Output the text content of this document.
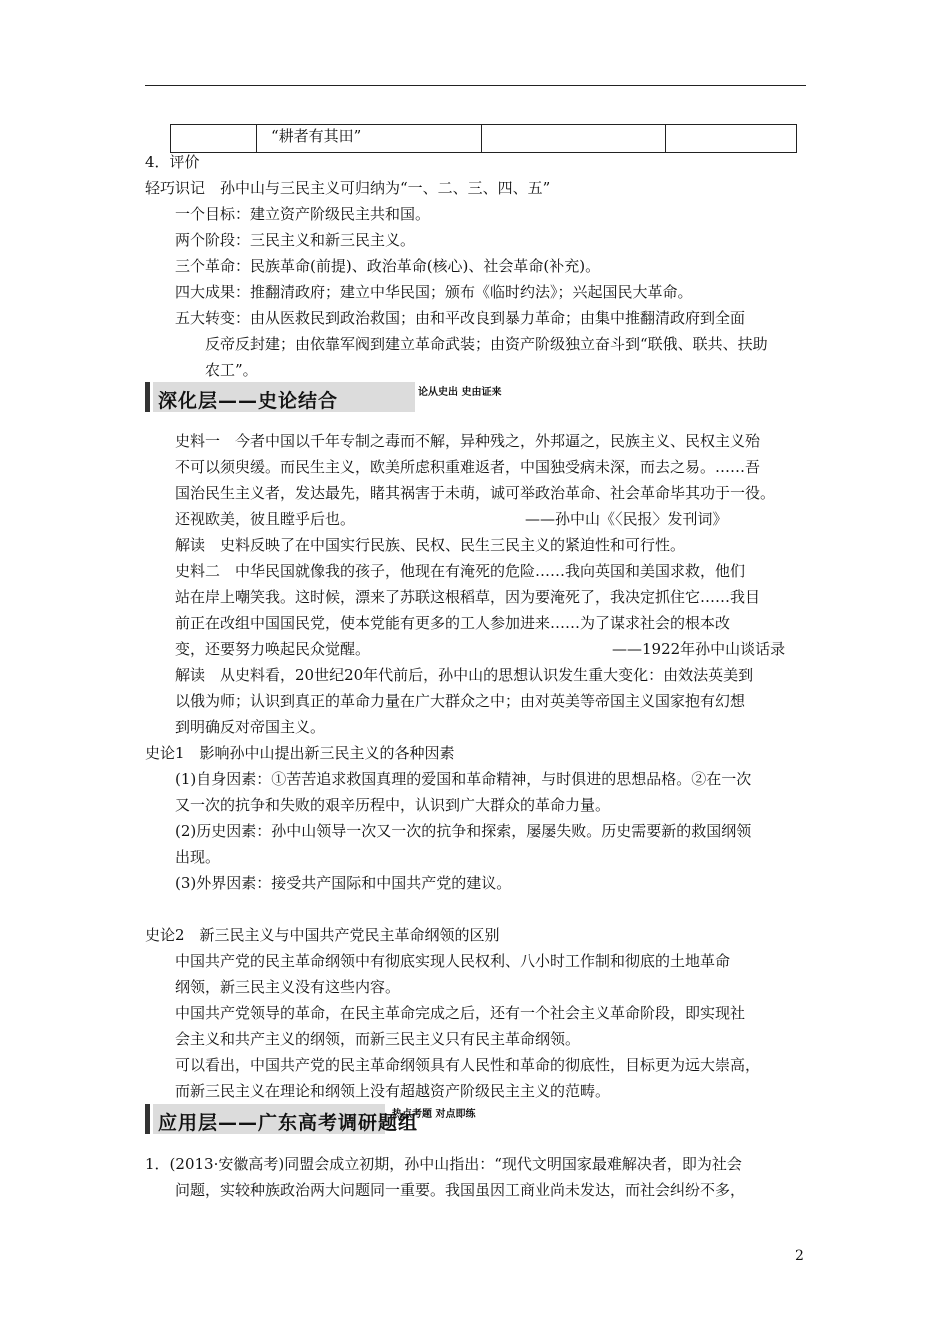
	“耕者有其田”		
4．评价
轻巧识记　孙中山与三民主义可归纳为“一、二、三、四、五”
一个目标：建立资产阶级民主共和国。
两个阶段：三民主义和新三民主义。
三个革命：民族革命(前提)、政治革命(核心)、社会革命(补充)。
四大成果：推翻清政府；建立中华民国；颁布《临时约法》；兴起国民大革命。
五大转变：由从医救民到政治救国；由和平改良到暴力革命；由集中推翻清政府到全面
反帝反封建；由依靠军阀到建立革命武装；由资产阶级独立奋斗到“联俄、联共、扶助
农工”。
深化层——史论结合	论从史出 史由证来
史料一　今者中国以千年专制之毒而不解，异种残之，外邦逼之，民族主义、民权主义殆
不可以须臾缓。而民生主义，欧美所虑积重难返者，中国独受病未深，而去之易。……吾
国治民生主义者，发达最先，睹其祸害于未萌，诚可举政治革命、社会革命毕其功于一役。
还视欧美，彼且瞠乎后也。	——孙中山《〈民报〉发刊词》
解读　史料反映了在中国实行民族、民权、民生三民主义的紧迫性和可行性。
史料二　中华民国就像我的孩子，他现在有淹死的危险……我向英国和美国求救，他们
站在岸上嘲笑我。这时候，漂来了苏联这根稻草，因为要淹死了，我决定抓住它……我目
前正在改组中国国民党，使本党能有更多的工人参加进来……为了谋求社会的根本改
变，还要努力唤起民众觉醒。	——1922年孙中山谈话录
解读　从史料看，20世纪20年代前后，孙中山的思想认识发生重大变化：由效法英美到
以俄为师；认识到真正的革命力量在广大群众之中；由对英美等帝国主义国家抱有幻想
到明确反对帝国主义。
史论1　影响孙中山提出新三民主义的各种因素
(1)自身因素：①苦苦追求救国真理的爱国和革命精神，与时俱进的思想品格。②在一次
又一次的抗争和失败的艰辛历程中，认识到广大群众的革命力量。
(2)历史因素：孙中山领导一次又一次的抗争和探索，屡屡失败。历史需要新的救国纲领
出现。
(3)外界因素：接受共产国际和中国共产党的建议。
史论2　新三民主义与中国共产党民主革命纲领的区别
中国共产党的民主革命纲领中有彻底实现人民权利、八小时工作制和彻底的土地革命
纲领，新三民主义没有这些内容。
中国共产党领导的革命，在民主革命完成之后，还有一个社会主义革命阶段，即实现社
会主义和共产主义的纲领，而新三民主义只有民主革命纲领。
可以看出，中国共产党的民主革命纲领具有人民性和革命的彻底性，目标更为远大崇高，
而新三民主义在理论和纲领上没有超越资产阶级民主主义的范畴。
应用层——广东高考调研题组
热点考题 对点即练
1．(2013·安徽高考)同盟会成立初期，孙中山指出：“现代文明国家最难解决者，即为社会
问题，实较种族政治两大问题同一重要。我国虽因工商业尚未发达，而社会纠纷不多，
2
